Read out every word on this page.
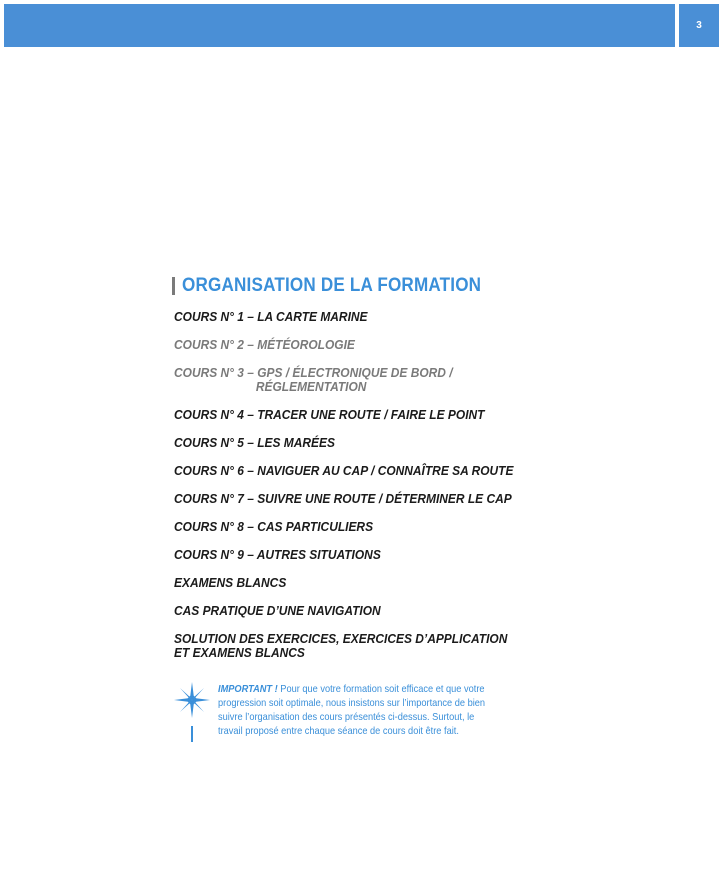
3
ORGANISATION DE LA FORMATION
COURS N° 1 – LA CARTE MARINE
COURS N° 2 – MÉTÉOROLOGIE
COURS N° 3 – GPS / ÉLECTRONIQUE DE BORD /
RÉGLEMENTATION
COURS N° 4 – TRACER UNE ROUTE / FAIRE LE POINT
COURS N° 5 – LES MARÉES
COURS N° 6 – NAVIGUER AU CAP / CONNAÎTRE SA ROUTE
COURS N° 7 – SUIVRE UNE ROUTE / DÉTERMINER LE CAP
COURS N° 8 – CAS PARTICULIERS
COURS N° 9 – AUTRES SITUATIONS
EXAMENS BLANCS
CAS PRATIQUE D’UNE NAVIGATION
SOLUTION DES EXERCICES, EXERCICES D’APPLICATION
ET EXAMENS BLANCS
IMPORTANT ! Pour que votre formation soit efficace et que votre
progression soit optimale, nous insistons sur l’importance de bien
suivre l’organisation des cours présentés ci-dessus. Surtout, le
travail proposé entre chaque séance de cours doit être fait.
